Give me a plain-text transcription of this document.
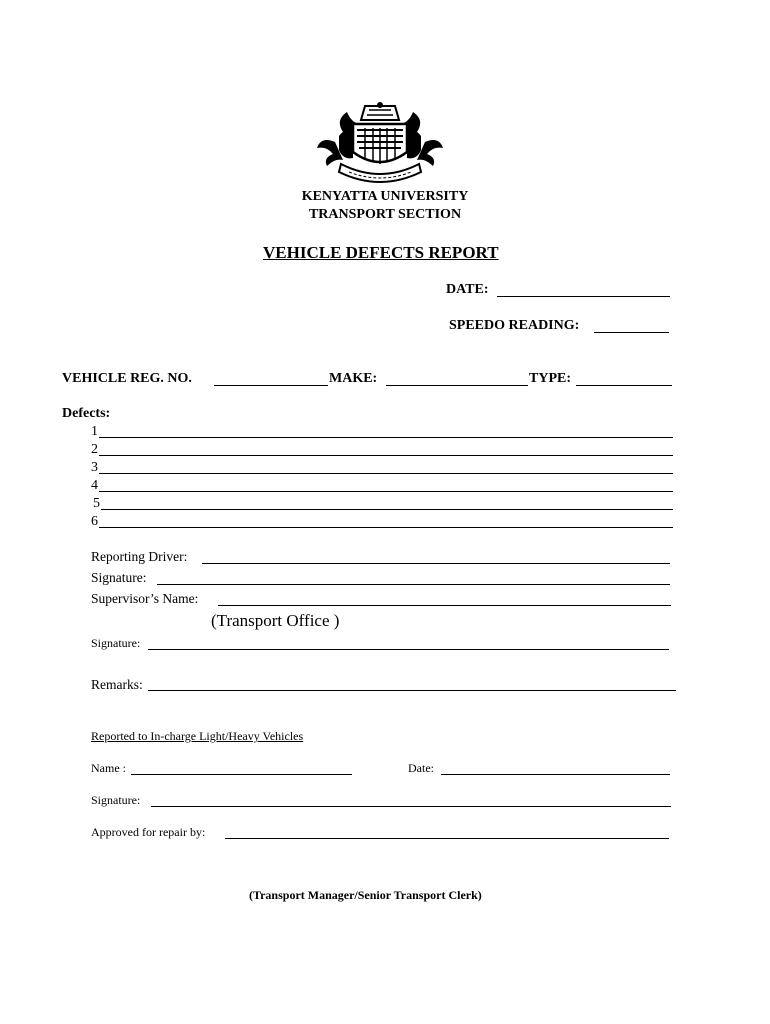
KENYATTA UNIVERSITY
TRANSPORT SECTION
VEHICLE DEFECTS REPORT
DATE:
SPEEDO READING:
VEHICLE REG. NO.	MAKE:	TYPE:
Defects:
1
2
3
4
5
6
Reporting Driver:
Signature:
Supervisor’s Name:
(Transport Office )
Signature:
Remarks:
Reported to In-charge Light/Heavy Vehicles
Name :	Date:
Signature:
Approved for repair by:
(Transport Manager/Senior Transport Clerk)
